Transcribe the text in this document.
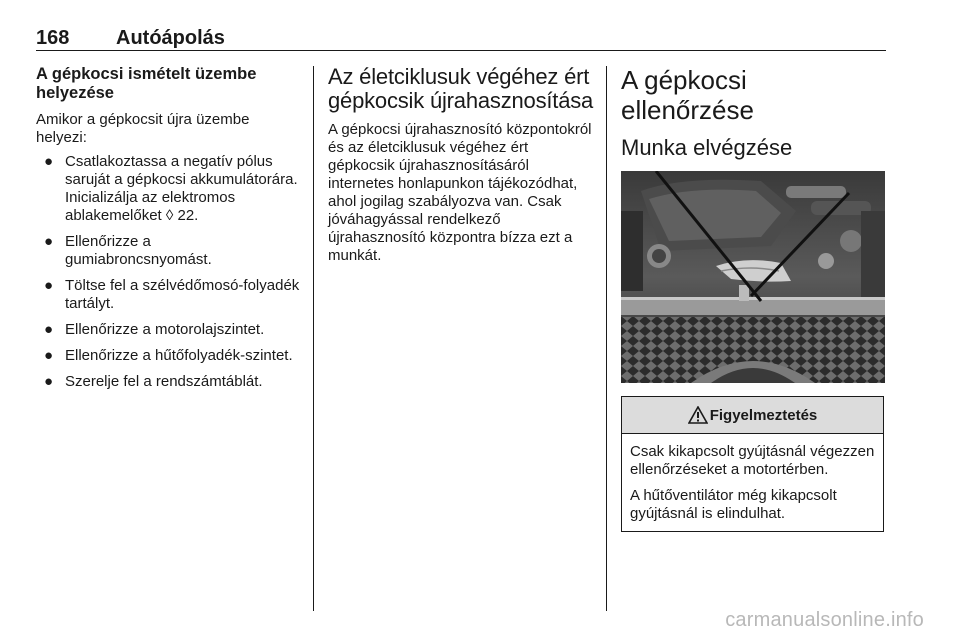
168 Autóápolás
A gépkocsi ismételt üzembe helyezése

Amikor a gépkocsit újra üzembe helyezi:

● Csatlakoztassa a negatív pólus saruját a gépkocsi akkumulátorára. Inicializálja az elektromos ablakemelőket ◊ 22.
● Ellenőrizze a gumiabroncsnyomást.
● Töltse fel a szélvédőmosó-folyadék tartályt.
● Ellenőrizze a motorolajszintet.
● Ellenőrizze a hűtőfolyadék-szintet.
● Szerelje fel a rendszámtáblát.
Az életciklusuk végéhez ért gépkocsik újrahasznosítása

A gépkocsi újrahasznosító központokról és az életciklusuk végéhez ért gépkocsik újrahasznosításáról internetes honlapunkon tájékozódhat, ahol jogilag szabályozva van. Csak jóváhagyással rendelkező újrahasznosító központra bízza ezt a munkát.

A gépkocsi ellenőrzése
Munka elvégzése
Figyelmeztetés

Csak kikapcsolt gyújtásnál végezzen ellenőrzéseket a motortérben.

A hűtőventilátor még kikapcsolt gyújtásnál is elindulhat.

carmanualsonline.info
